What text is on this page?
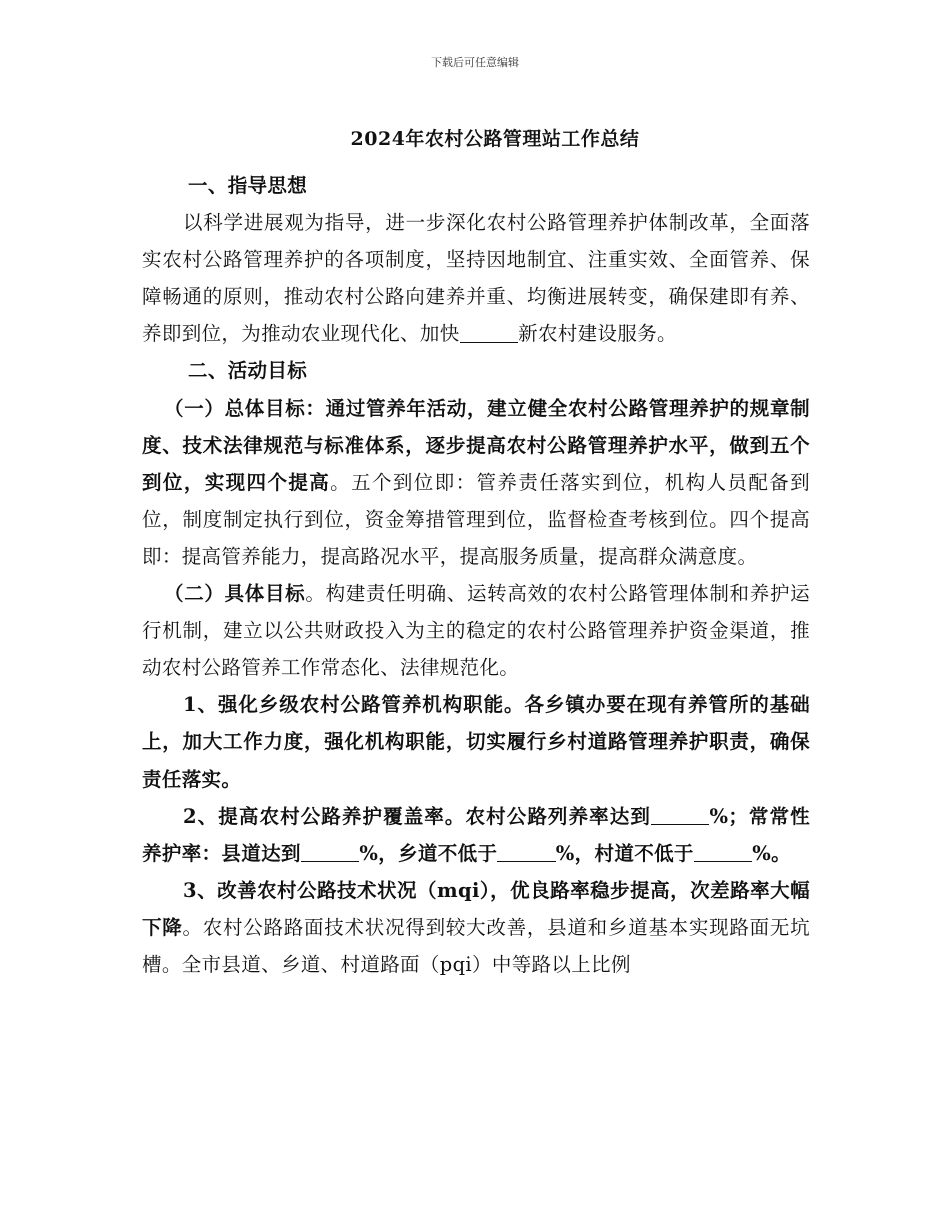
下载后可任意编辑
2024年农村公路管理站工作总结

一、指导思想

以科学进展观为指导，进一步深化农村公路管理养护体制改革，全面落实农村公路管理养护的各项制度，坚持因地制宜、注重实效、全面管养、保障畅通的原则，推动农村公路向建养并重、均衡进展转变，确保建即有养、养即到位，为推动农业现代化、加快	新农村建设服务。

二、活动目标

（一）总体目标：通过管养年活动，建立健全农村公路管理养护的规章制度、技术法律规范与标准体系，逐步提高农村公路管理养护水平，做到五个到位，实现四个提高。五个到位即：管养责任落实到位，机构人员配备到位，制度制定执行到位，资金筹措管理到位，监督检查考核到位。四个提高即：提高管养能力，提高路况水平，提高服务质量，提高群众满意度。

（二）具体目标。构建责任明确、运转高效的农村公路管理体制和养护运行机制，建立以公共财政投入为主的稳定的农村公路管理养护资金渠道，推动农村公路管养工作常态化、法律规范化。

1、强化乡级农村公路管养机构职能。各乡镇办要在现有养管所的基础上，加大工作力度，强化机构职能，切实履行乡村道路管理养护职责，确保责任落实。

2、提高农村公路养护覆盖率。农村公路列养率达到	%；常常性养护率：县道达到	%，乡道不低于	%，村道不低于	%。

3、改善农村公路技术状况（mqi），优良路率稳步提高，次差路率大幅下降。农村公路路面技术状况得到较大改善，县道和乡道基本实现路面无坑槽。全市县道、乡道、村道路面（pqi）中等路以上比例
